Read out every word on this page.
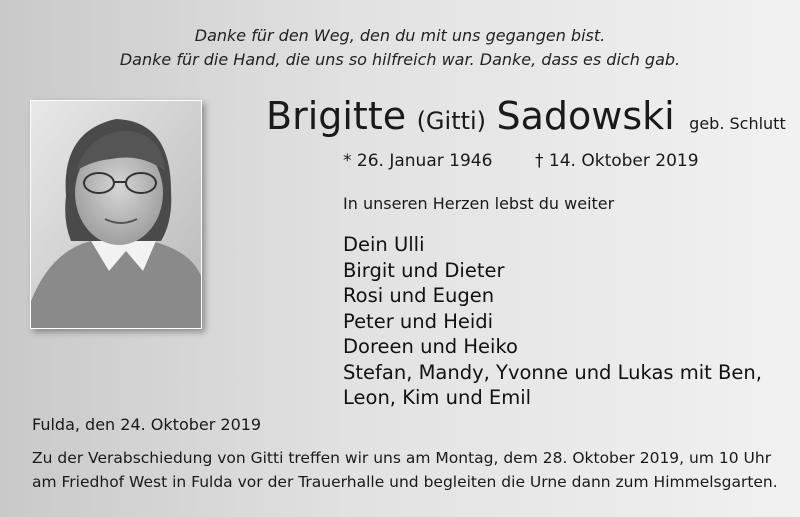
Danke für den Weg, den du mit uns gegangen bist.
Danke für die Hand, die uns so hilfreich war. Danke, dass es dich gab.
Brigitte (Gitti) Sadowski geb. Schlutt
* 26. Januar 1946	† 14. Oktober 2019
In unseren Herzen lebst du weiter
Dein Ulli
Birgit und Dieter
Rosi und Eugen
Peter und Heidi
Doreen und Heiko
Stefan, Mandy, Yvonne und Lukas mit Ben,
Leon, Kim und Emil
Fulda, den 24. Oktober 2019
Zu der Verabschiedung von Gitti treffen wir uns am Montag, dem 28. Oktober 2019, um 10 Uhr
am Friedhof West in Fulda vor der Trauerhalle und begleiten die Urne dann zum Himmelsgarten.
